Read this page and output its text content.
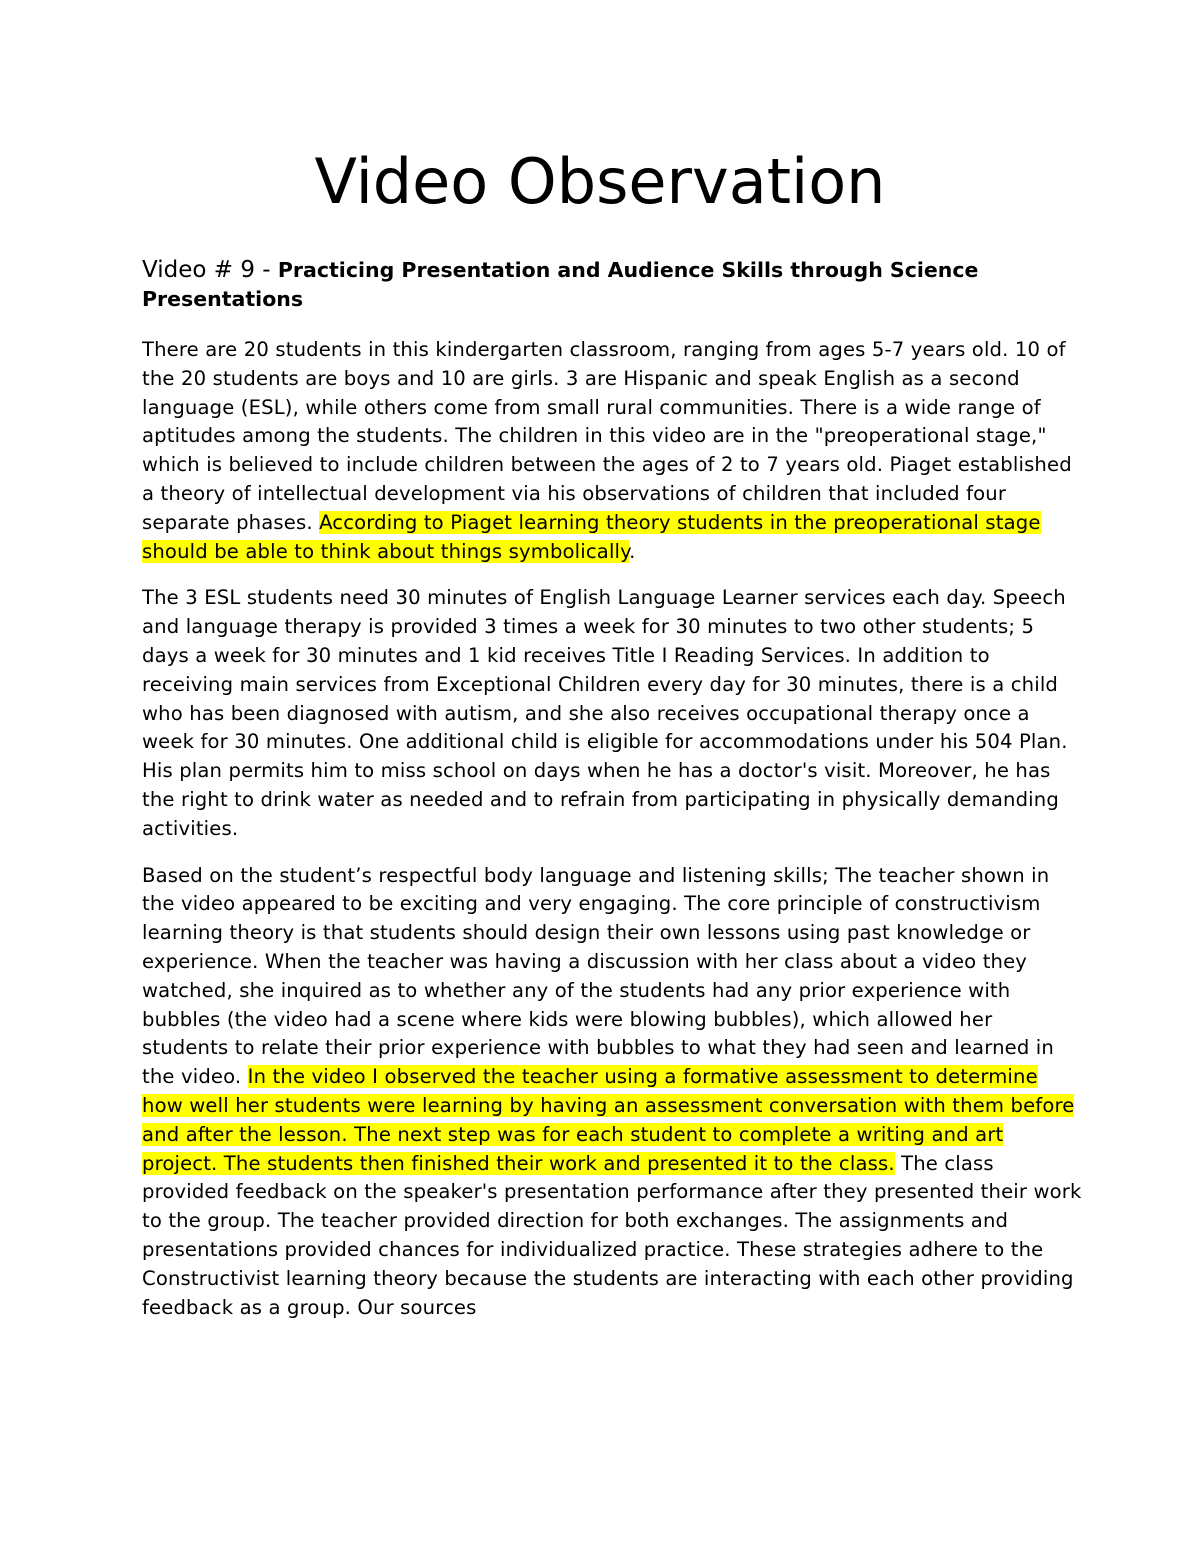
Video Observation
Video # 9 - Practicing Presentation and Audience Skills through Science Presentations

There are 20 students in this kindergarten classroom, ranging from ages 5-7 years old. 10 of the 20 students are boys and 10 are girls. 3 are Hispanic and speak English as a second language (ESL), while others come from small rural communities. There is a wide range of aptitudes among the students. The children in this video are in the "preoperational stage," which is believed to include children between the ages of 2 to 7 years old. Piaget established a theory of intellectual development via his observations of children that included four separate phases. According to Piaget learning theory students in the preoperational stage should be able to think about things symbolically.

The 3 ESL students need 30 minutes of English Language Learner services each day. Speech and language therapy is provided 3 times a week for 30 minutes to two other students; 5 days a week for 30 minutes and 1 kid receives Title I Reading Services. In addition to receiving main services from Exceptional Children every day for 30 minutes, there is a child who has been diagnosed with autism, and she also receives occupational therapy once a week for 30 minutes. One additional child is eligible for accommodations under his 504 Plan. His plan permits him to miss school on days when he has a doctor's visit. Moreover, he has the right to drink water as needed and to refrain from participating in physically demanding activities.

Based on the student’s respectful body language and listening skills; The teacher shown in the video appeared to be exciting and very engaging. The core principle of constructivism learning theory is that students should design their own lessons using past knowledge or experience. When the teacher was having a discussion with her class about a video they watched, she inquired as to whether any of the students had any prior experience with bubbles (the video had a scene where kids were blowing bubbles), which allowed her students to relate their prior experience with bubbles to what they had seen and learned in the video. In the video I observed the teacher using a formative assessment to determine how well her students were learning by having an assessment conversation with them before and after the lesson. The next step was for each student to complete a writing and art project. The students then finished their work and presented it to the class. The class provided feedback on the speaker's presentation performance after they presented their work to the group. The teacher provided direction for both exchanges. The assignments and presentations provided chances for individualized practice. These strategies adhere to the Constructivist learning theory because the students are interacting with each other providing feedback as a group. Our sources
